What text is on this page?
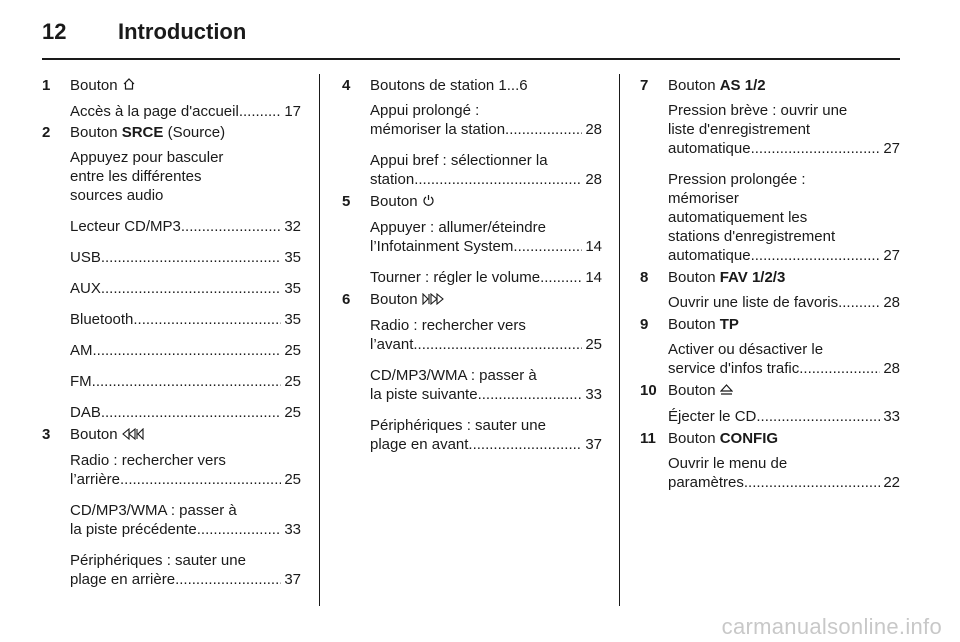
12 Introduction
1 Bouton
Accès à la page d'accueil .....	17
2 Bouton SRCE (Source)
Appuyez pour basculer
entre les différentes
sources audio
Lecteur CD/MP3 .....	32
USB .....	35
AUX .....	35
Bluetooth .....	35
AM .....	25
FM .....	25
DAB .....	25
3 Bouton
Radio : rechercher vers
l’arrière .....	25
CD/MP3/WMA : passer à
la piste précédente .....	33
Périphériques : sauter une
plage en arrière .....	37
4 Boutons de station 1...6
Appui prolongé :
mémoriser la station .....	28
Appui bref : sélectionner la
station .....	28
5 Bouton
Appuyer : allumer/éteindre
l’Infotainment System .....	14
Tourner : régler le volume .....	14
6 Bouton
Radio : rechercher vers
l’avant .....	25
CD/MP3/WMA : passer à
la piste suivante .....	33
Périphériques : sauter une
plage en avant .....	37
7 Bouton AS 1/2
Pression brève : ouvrir une
liste d'enregistrement
automatique .....	27
Pression prolongée :
mémoriser
automatiquement les
stations d'enregistrement
automatique .....	27
8 Bouton FAV 1/2/3
Ouvrir une liste de favoris .....	28
9 Bouton TP
Activer ou désactiver le
service d'infos trafic .....	28
10 Bouton
Éjecter le CD .....	33
11 Bouton CONFIG
Ouvrir le menu de
paramètres .....	22
carmanualsonline.info
